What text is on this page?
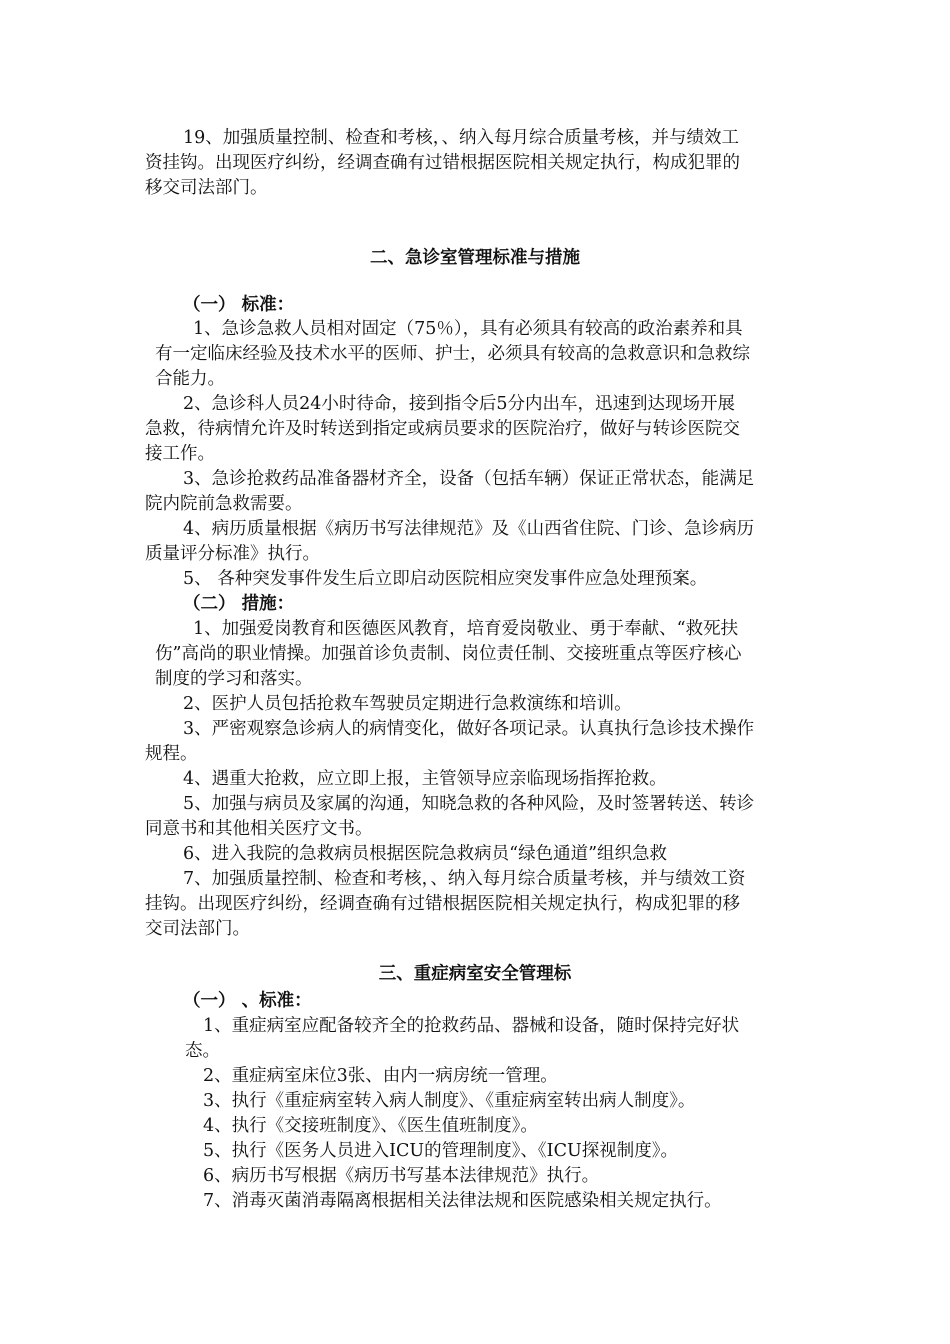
19、加强质量控制、检查和考核，、纳入每月综合质量考核，并与绩效工

资挂钩。出现医疗纠纷，经调查确有过错根据医院相关规定执行，构成犯罪的

移交司法部门。

二、急诊室管理标准与措施

（一） 标准：

1、急诊急救人员相对固定（75％），具有必须具有较高的政治素养和具

有一定临床经验及技术水平的医师、护士，必须具有较高的急救意识和急救综

合能力。

2、急诊科人员24小时待命，接到指令后5分内出车，迅速到达现场开展

急救，待病情允许及时转送到指定或病员要求的医院治疗，做好与转诊医院交

接工作。

3、急诊抢救药品准备器材齐全，设备（包括车辆）保证正常状态，能满足

院内院前急救需要。

4、病历质量根据《病历书写法律规范》及《山西省住院、门诊、急诊病历

质量评分标准》执行。

5、 各种突发事件发生后立即启动医院相应突发事件应急处理预案。

（二） 措施：

1、加强爱岗教育和医德医风教育，培育爱岗敬业、勇于奉献、“救死扶

伤”高尚的职业情操。加强首诊负责制、岗位责任制、交接班重点等医疗核心

制度的学习和落实。

2、医护人员包括抢救车驾驶员定期进行急救演练和培训。

3、严密观察急诊病人的病情变化，做好各项记录。认真执行急诊技术操作

规程。

4、遇重大抢救，应立即上报，主管领导应亲临现场指挥抢救。

5、加强与病员及家属的沟通，知晓急救的各种风险，及时签署转送、转诊

同意书和其他相关医疗文书。

6、进入我院的急救病员根据医院急救病员“绿色通道”组织急救

7、加强质量控制、检查和考核，、纳入每月综合质量考核，并与绩效工资

挂钩。出现医疗纠纷，经调查确有过错根据医院相关规定执行，构成犯罪的移

交司法部门。

三、重症病室安全管理标

（一） 、标准：

1、重症病室应配备较齐全的抢救药品、器械和设备，随时保持完好状

态。

2、重症病室床位3张、由内一病房统一管理。

3、执行《重症病室转入病人制度》、《重症病室转出病人制度》。

4、执行《交接班制度》、《医生值班制度》。

5、执行《医务人员进入ICU的管理制度》、《ICU探视制度》。

6、病历书写根据《病历书写基本法律规范》执行。

7、消毒灭菌消毒隔离根据相关法律法规和医院感染相关规定执行。
